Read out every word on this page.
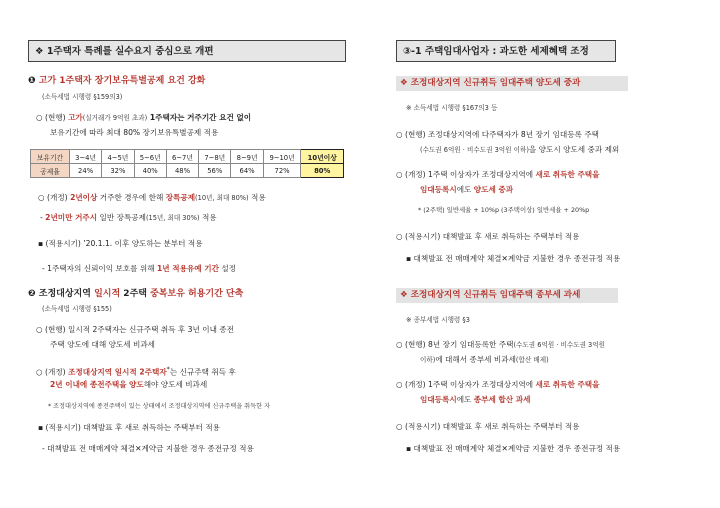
❖ 1주택자 특례를 실수요지 중심으로 개편
❶ 고가 1주택자 장기보유특별공제 요건 강화
(소득세법 시행령 §159의3)
○ (현행) 고가(실거래가 9억원 초과) 1주택자는 거주기간 요건 없이
보유기간에 따라 최대 80% 장기보유특별공제 적용
보유기간	3~4년	4~5년	5~6년	6~7년	7~8년	8~9년	9~10년	10년이상
공제율	24%	32%	40%	48%	56%	64%	72%	80%
○ (개정) 2년이상 거주한 경우에 한해 장특공제(10년, 최대 80%) 적용
- 2년미만 거주시 일반 장특공제(15년, 최대 30%) 적용
▪ (적용시기) ’20.1.1. 이후 양도하는 분부터 적용
- 1주택자의 신뢰이익 보호를 위해 1년 적용유예 기간 설정
❷ 조정대상지역 일시적 2주택 중복보유 허용기간 단축
(소득세법 시행령 §155)
○ (현행) 일시적 2주택자는 신규주택 취득 후 3년 이내 종전
주택 양도에 대해 양도세 비과세
○ (개정) 조정대상지역 일시적 2주택자*는 신규주택 취득 후
2년 이내에 종전주택을 양도해야 양도세 비과세
* 조정대상지역에 종전주택이 있는 상태에서 조정대상지역에 신규주택을 취득한 자
▪ (적용시기) 대책발표 후 새로 취득하는 주택부터 적용
- 대책발표 전 매매계약 체결✕계약금 지불한 경우 종전규정 적용
③-1 주택임대사업자 : 과도한 세제혜택 조정
❖ 조정대상지역 신규취득 임대주택 양도세 중과
※ 소득세법 시행령 §167의3 등
○ (현행) 조정대상지역에 다주택자가 8년 장기 임대등록 주택
(수도권 6억원 · 비수도권 3억원 이하)을 양도시 양도세 중과 제외
○ (개정) 1주택 이상자가 조정대상지역에 새로 취득한 주택을
임대등록시에도 양도세 중과
* (2주택) 일반세율 + 10%p (3주택이상) 일반세율 + 20%p
○ (적용시기) 대책발표 후 새로 취득하는 주택부터 적용
▪ 대책발표 전 매매계약 체결✕계약금 지불한 경우 종전규정 적용
❖ 조정대상지역 신규취득 임대주택 종부세 과세
※ 종부세법 시행령 §3
○ (현행) 8년 장기 임대등록한 주택(수도권 6억원 · 비수도권 3억원
이하)에 대해서 종부세 비과세(합산 배제)
○ (개정) 1주택 이상자가 조정대상지역에 새로 취득한 주택을
임대등록시에도 종부세 합산 과세
○ (적용시기) 대책발표 후 새로 취득하는 주택부터 적용
▪ 대책발표 전 매매계약 체결✕계약금 지불한 경우 종전규정 적용
